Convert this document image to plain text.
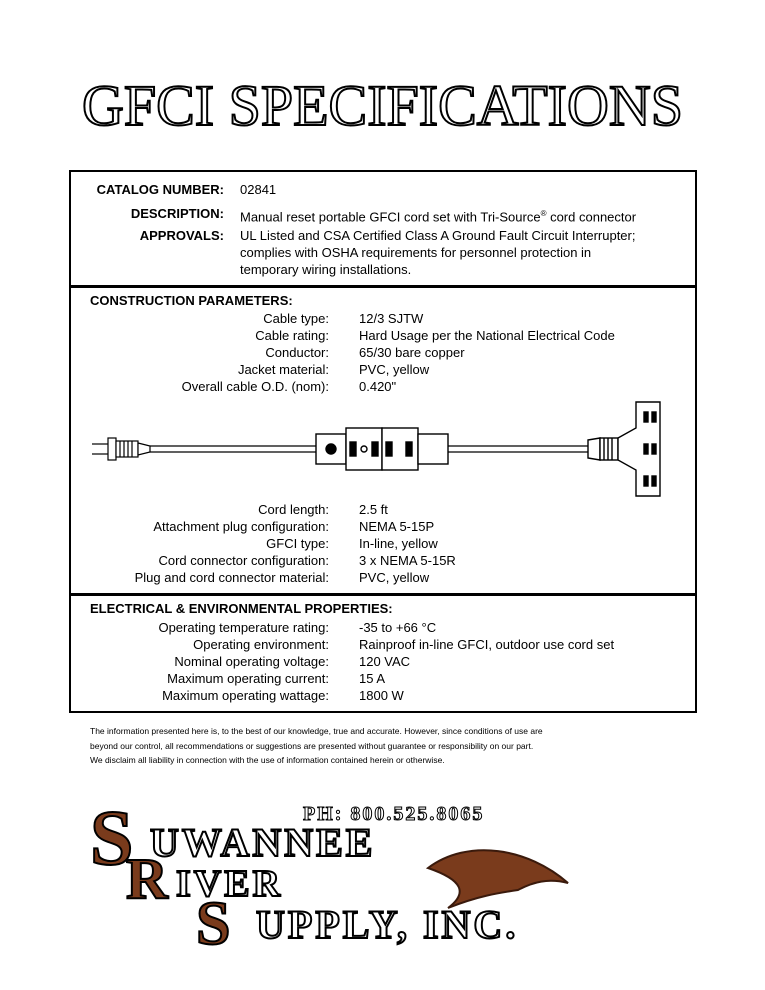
GFCI SPECIFICATIONS
CATALOG NUMBER: 02841
DESCRIPTION: Manual reset portable GFCI cord set with Tri-Source® cord connector
APPROVALS: UL Listed and CSA Certified Class A Ground Fault Circuit Interrupter;
complies with OSHA requirements for personnel protection in
temporary wiring installations.
CONSTRUCTION PARAMETERS:
Cable type: 12/3 SJTW
Cable rating: Hard Usage per the National Electrical Code
Conductor: 65/30 bare copper
Jacket material: PVC, yellow
Overall cable O.D. (nom): 0.420"
Cord length: 2.5 ft
Attachment plug configuration: NEMA 5-15P
GFCI type: In-line, yellow
Cord connector configuration: 3 x NEMA 5-15R
Plug and cord connector material: PVC, yellow
ELECTRICAL & ENVIRONMENTAL PROPERTIES:
Operating temperature rating: -35 to +66 °C
Operating environment: Rainproof in-line GFCI, outdoor use cord set
Nominal operating voltage: 120 VAC
Maximum operating current: 15 A
Maximum operating wattage: 1800 W
The information presented here is, to the best of our knowledge, true and accurate. However, since conditions of use are
beyond our control, all recommendations or suggestions are presented without guarantee or responsibility on our part.
We disclaim all liability in connection with the use of information contained herein or otherwise.
PH: 800.525.8065
S UWANNEE
R IVER
S UPPLY, INC.
